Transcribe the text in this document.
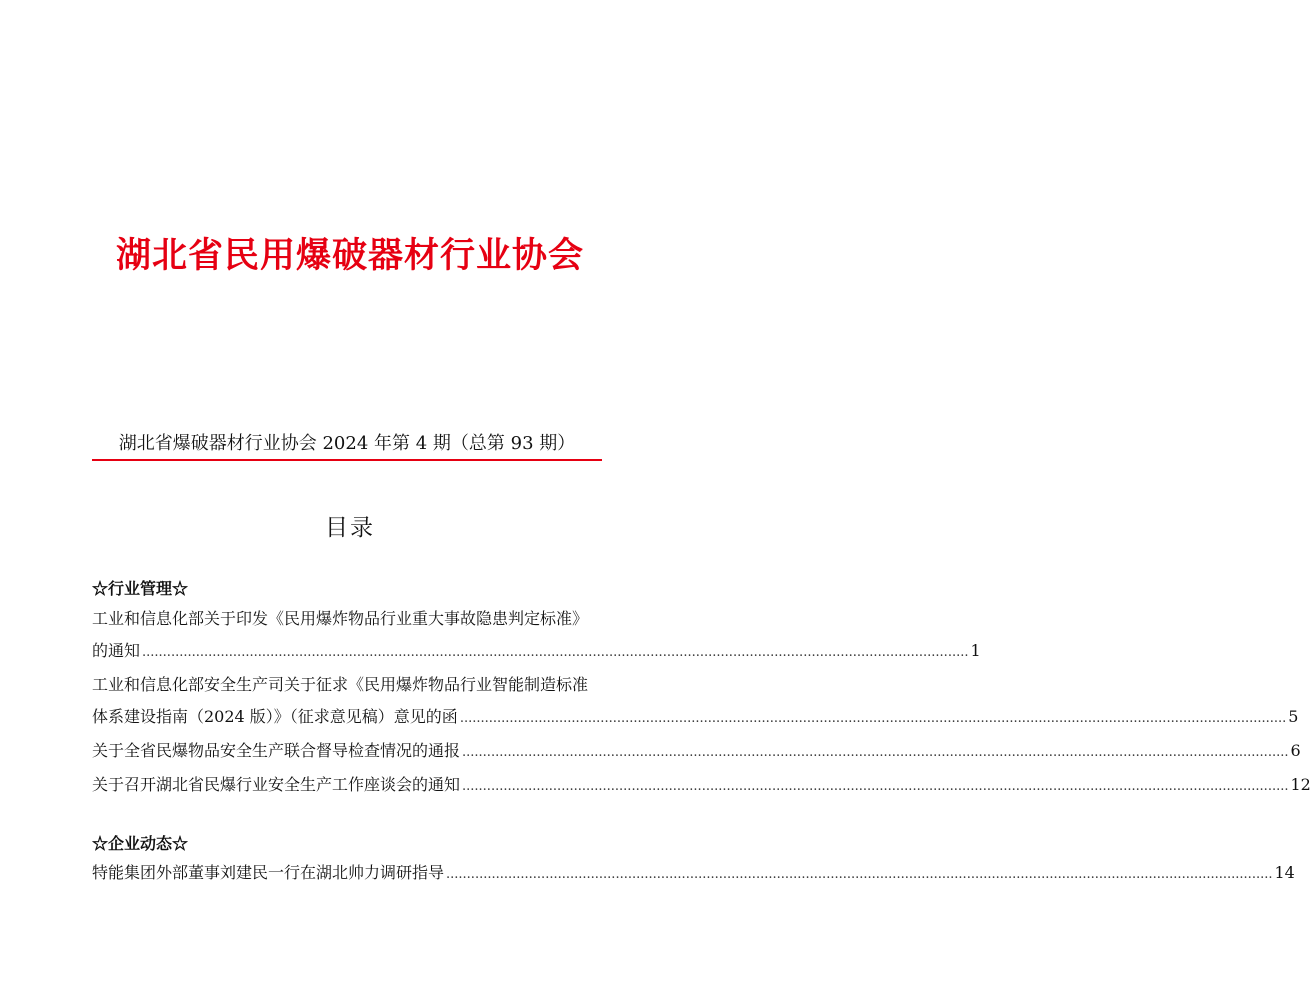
湖北省民用爆破器材行业协会
湖北省爆破器材行业协会 2024 年第 4 期（总第 93 期）
目录
☆行业管理☆
工业和信息化部关于印发《民用爆炸物品行业重大事故隐患判定标准》
的通知 ........................................................................................................................................................................................................ 1
工业和信息化部安全生产司关于征求《民用爆炸物品行业智能制造标准
体系建设指南（2024 版）》（征求意见稿）意见的函 ........................................................................................................................................................................................................ 5
关于全省民爆物品安全生产联合督导检查情况的通报 ........................................................................................................................................................................................................ 6
关于召开湖北省民爆行业安全生产工作座谈会的通知 ........................................................................................................................................................................................................ 12
☆企业动态☆
特能集团外部董事刘建民一行在湖北帅力调研指导 ........................................................................................................................................................................................................ 14
